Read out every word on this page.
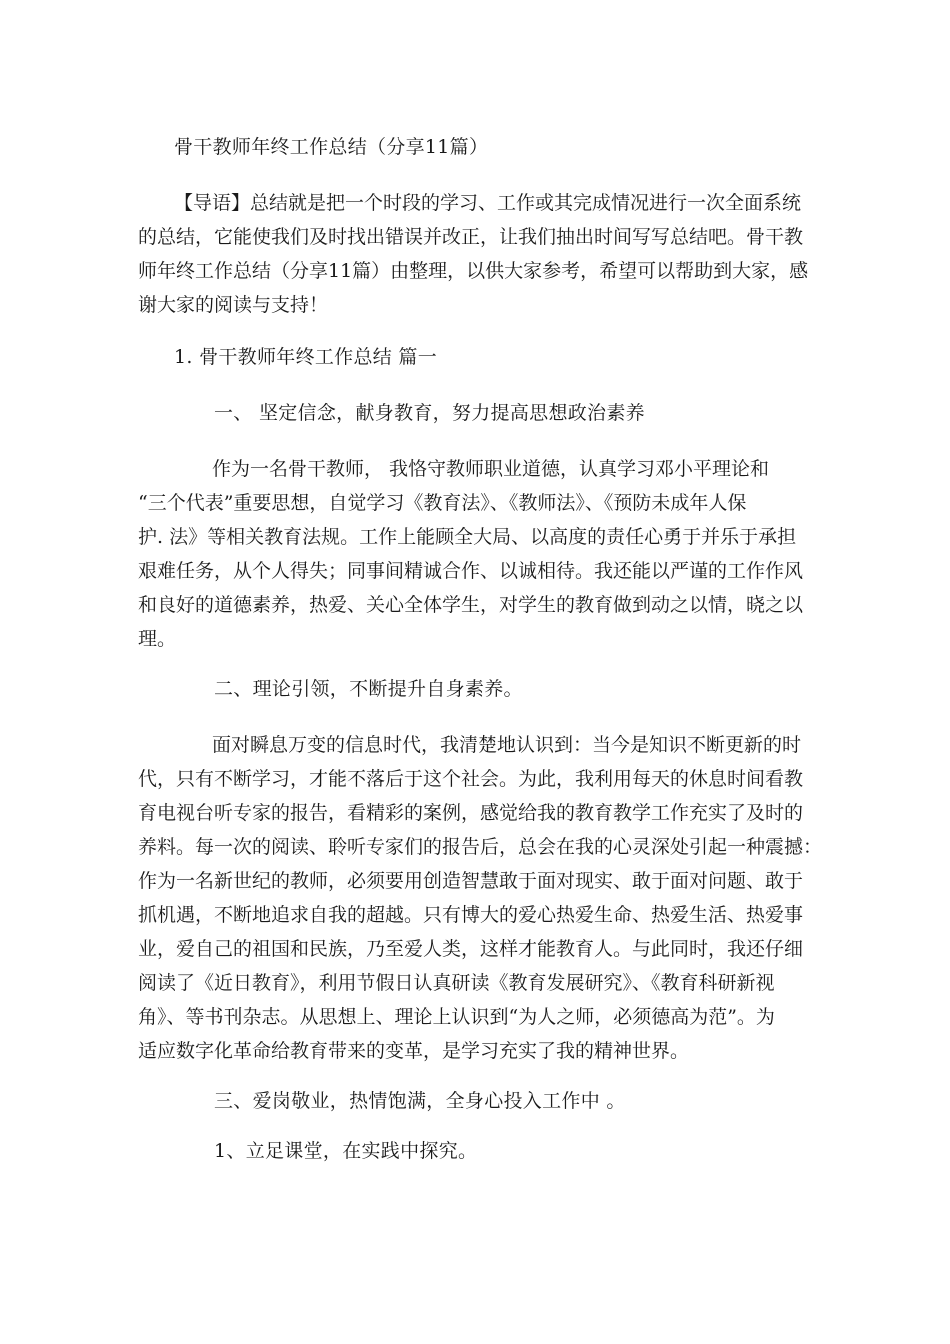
骨干教师年终工作总结（分享11篇）
【导语】总结就是把一个时段的学习、工作或其完成情况进行一次全面系统
的总结，它能使我们及时找出错误并改正，让我们抽出时间写写总结吧。骨干教
师年终工作总结（分享11篇）由整理，以供大家参考，希望可以帮助到大家，感
谢大家的阅读与支持！
1. 骨干教师年终工作总结 篇一
一、 坚定信念，献身教育，努力提高思想政治素养
作为一名骨干教师， 我恪守教师职业道德，认真学习邓小平理论和
“三个代表”重要思想，自觉学习《教育法》、《教师法》、《预防未成年人保
护. 法》等相关教育法规。工作上能顾全大局、以高度的责任心勇于并乐于承担
艰难任务，从个人得失；同事间精诚合作、以诚相待。我还能以严谨的工作作风
和良好的道德素养，热爱、关心全体学生，对学生的教育做到动之以情，晓之以
理。
二、理论引领，不断提升自身素养。
面对瞬息万变的信息时代，我清楚地认识到：当今是知识不断更新的时
代，只有不断学习，才能不落后于这个社会。为此，我利用每天的休息时间看教
育电视台听专家的报告，看精彩的案例，感觉给我的教育教学工作充实了及时的
养料。每一次的阅读、聆听专家们的报告后，总会在我的心灵深处引起一种震撼：
作为一名新世纪的教师，必须要用创造智慧敢于面对现实、敢于面对问题、敢于
抓机遇，不断地追求自我的超越。只有博大的爱心热爱生命、热爱生活、热爱事
业，爱自己的祖国和民族，乃至爱人类，这样才能教育人。与此同时，我还仔细
阅读了《近日教育》，利用节假日认真研读《教育发展研究》、《教育科研新视
角》、等书刊杂志。从思想上、理论上认识到“为人之师，必须德高为范”。为
适应数字化革命给教育带来的变革，是学习充实了我的精神世界。
三、爱岗敬业，热情饱满，全身心投入工作中 。
1、立足课堂，在实践中探究。
